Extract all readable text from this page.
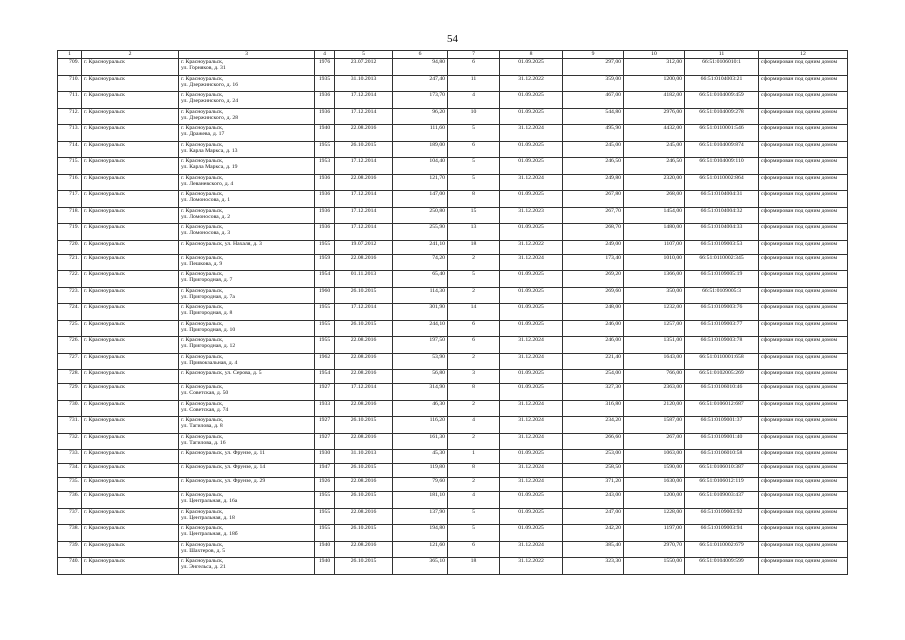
54
1	2	3	4	5	6	7	8	9	10	11	12
709.	г. Красноуральск	г. Красноуральск,
ул. Горняков, д. 31	1976	23.07.2012	94,80	6	01.09.2025	297,00	312,00	66:51:0106010:1	сформирован под одним домом
710.	г. Красноуральск	г. Красноуральск,
ул. Дзержинского, д. 16	1935	31.10.2013	247,40	11	31.12.2022	359,00	1200,00	66:51:0104003:21	сформирован под одним домом
711.	г. Красноуральск	г. Красноуральск,
ул. Дзержинского, д. 24	1936	17.12.2014	173,70	4	01.09.2025	467,00	4182,00	66:51:0104009:459	сформирован под одним домом
712.	г. Красноуральск	г. Красноуральск,
ул. Дзержинского, д. 28	1936	17.12.2014	96,20	10	01.09.2025	544,80	2976,00	66:51:0104009:278	сформирован под одним домом
713.	г. Красноуральск	г. Красноуральск,
ул. Дражева, д. 17	1940	22.08.2016	111,60	5	31.12.2024	495,90	4432,00	66:51:0110001:546	сформирован под одним домом
714.	г. Красноуральск	г. Красноуральск,
ул. Карла Маркса, д. 13	1955	26.10.2015	189,00	6	01.09.2025	245,00	245,00	66:51:0104009:874	сформирован под одним домом
715.	г. Красноуральск	г. Красноуральск,
ул. Карла Маркса, д. 19	1953	17.12.2014	104,40	5	01.09.2025	246,50	246,50	66:51:0104009:110	сформирован под одним домом
716.	г. Красноуральск	г. Красноуральск,
ул. Леваневского, д. 4	1936	22.08.2016	121,70	5	31.12.2024	249,80	2320,00	66:51:0110002:864	сформирован под одним домом
717.	г. Красноуральск	г. Красноуральск,
ул. Ломоносова, д. 1	1936	17.12.2014	147,00	8	01.09.2025	267,80	268,00	66:51:0104004:31	сформирован под одним домом
718.	г. Красноуральск	г. Красноуральск,
ул. Ломоносова, д. 2	1936	17.12.2014	250,80	15	31.12.2023	267,70	1454,00	66:51:0104004:32	сформирован под одним домом
719.	г. Красноуральск	г. Красноуральск,
ул. Ломоносова, д. 3	1936	17.12.2014	255,90	13	01.09.2025	268,70	1480,00	66:51:0104004:33	сформирован под одним домом
720.	г. Красноуральск	г. Красноуральск, ул. Нахаля, д. 3	1955	19.07.2012	241,10	18	31.12.2022	249,00	1107,00	66:51:0109003:53	сформирован под одним домом
721.	г. Красноуральск	г. Красноуральск,
ул. Пешкова, д. 9	1959	22.08.2016	74,20	2	31.12.2024	173,40	1010,00	66:51:0110002:345	сформирован под одним домом
722.	г. Красноуральск	г. Красноуральск,
ул. Пригородная, д. 7	1954	01.11.2013	65,40	5	01.09.2025	269,20	1366,00	66:51:0109005:19	сформирован под одним домом
723.	г. Красноуральск	г. Красноуральск,
ул. Пригородная, д. 7а	1960	26.10.2015	114,30	2	01.09.2025	269,60	350,00	66:51:0109005:3	сформирован под одним домом
724.	г. Красноуральск	г. Красноуральск,
ул. Пригородная, д. 8	1955	17.12.2014	301,90	14	01.09.2025	248,00	1232,00	66:51:0109003:76	сформирован под одним домом
725.	г. Красноуральск	г. Красноуральск,
ул. Пригородная, д. 10	1955	26.10.2015	244,10	6	01.09.2025	246,00	1257,00	66:51:0109003:77	сформирован под одним домом
726.	г. Красноуральск	г. Красноуральск,
ул. Пригородная, д. 12	1955	22.08.2016	197,50	6	31.12.2024	246,00	1351,00	66:51:0109003:78	сформирован под одним домом
727.	г. Красноуральск	г. Красноуральск,
ул. Привокзальная, д. 4	1962	22.08.2016	53,90	2	31.12.2024	221,40	1643,00	66:51:0110001:658	сформирован под одним домом
728.	г. Красноуральск	г. Красноуральск, ул. Серова, д. 5	1954	22.08.2016	56,80	3	01.09.2025	254,00	766,00	66:51:0102005:269	сформирован под одним домом
729.	г. Красноуральск	г. Красноуральск,
ул. Советская, д. 50	1927	17.12.2014	314,90	8	01.09.2025	327,30	2363,00	66:51:0106010:46	сформирован под одним домом
730.	г. Красноуральск	г. Красноуральск,
ул. Советская, д. 74	1933	22.08.2016	46,30	2	31.12.2024	316,80	2120,00	66:51:0106012:687	сформирован под одним домом
731.	г. Красноуральск	г. Красноуральск,
ул. Тагилова, д. 8	1927	26.10.2015	116,20	4	31.12.2024	234,20	1587,00	66:51:0109001:37	сформирован под одним домом
732.	г. Красноуральск	г. Красноуральск,
ул. Тагилова, д. 16	1927	22.08.2016	161,30	2	31.12.2024	266,60	267,00	66:51:0109001:40	сформирован под одним домом
733.	г. Красноуральск	г. Красноуральск, ул. Фрунзе, д. 11	1930	31.10.2013	45,30	1	01.09.2025	253,00	1063,00	66:51:0106010:58	сформирован под одним домом
734.	г. Красноуральск	г. Красноуральск, ул. Фрунзе, д. 14	1947	26.10.2015	119,80	8	31.12.2024	258,50	1590,00	66:51:0106010:387	сформирован под одним домом
735.	г. Красноуральск	г. Красноуральск, ул. Фрунзе, д. 29	1926	22.08.2016	79,60	2	31.12.2024	371,20	1630,00	66:51:0106012:119	сформирован под одним домом
736.	г. Красноуральск	г. Красноуральск,
ул. Центральная, д. 16а	1955	26.10.2015	181,10	4	01.09.2025	243,00	1200,00	66:51:0109003:437	сформирован под одним домом
737.	г. Красноуральск	г. Красноуральск,
ул. Центральная, д. 18	1955	22.08.2016	137,90	5	01.09.2025	247,00	1228,00	66:51:0109003:92	сформирован под одним домом
738.	г. Красноуральск	г. Красноуральск,
ул. Центральная, д. 18б	1955	26.10.2015	194,80	5	01.09.2025	242,20	1197,00	66:51:0109003:94	сформирован под одним домом
739.	г. Красноуральск	г. Красноуральск,
ул. Шахтеров, д. 5	1940	22.08.2016	121,60	6	31.12.2024	385,40	2970,70	66:51:0110002:679	сформирован под одним домом
740.	г. Красноуральск	г. Красноуральск,
ул. Энгельса, д. 21	1940	26.10.2015	365,10	18	31.12.2022	323,30	1550,00	66:51:0104009:599	сформирован под одним домом
